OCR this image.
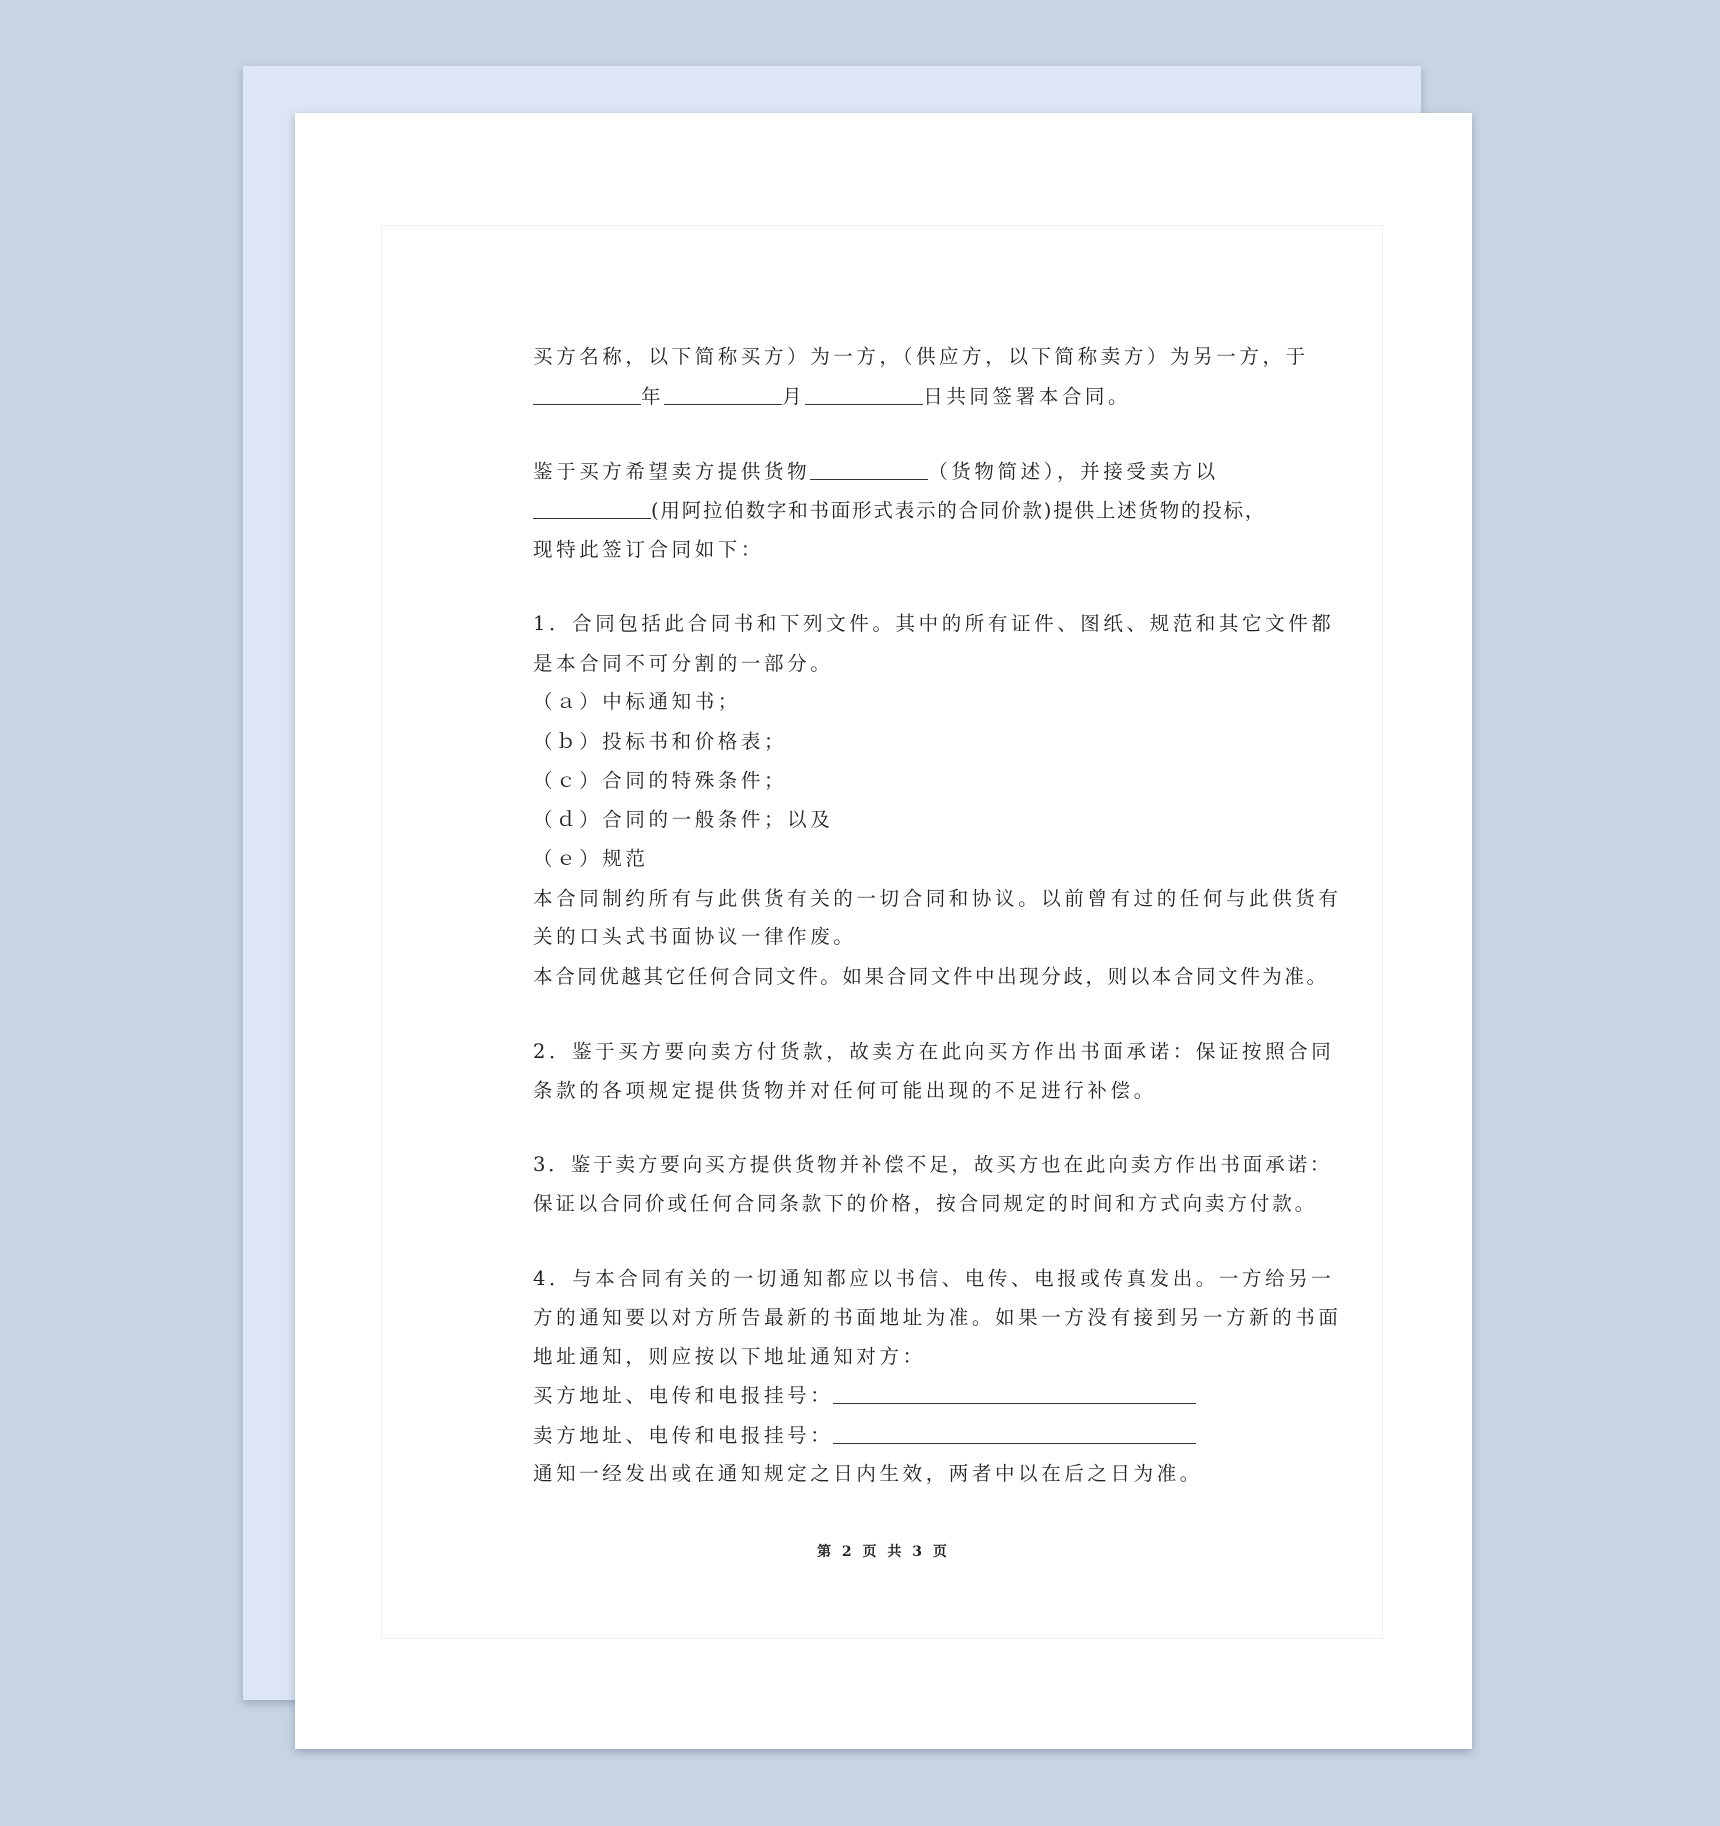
买方名称，以下简称买方）为一方，（供应方，以下简称卖方）为另一方，于
年	月	日共同签署本合同。
鉴于买方希望卖方提供货物	（货物简述），并接受卖方以
(用阿拉伯数字和书面形式表示的合同价款)提供上述货物的投标，
现特此签订合同如下：
1．合同包括此合同书和下列文件。其中的所有证件、图纸、规范和其它文件都
是本合同不可分割的一部分。
（ａ）中标通知书；
（ｂ）投标书和价格表；
（ｃ）合同的特殊条件；
（ｄ）合同的一般条件；以及
（ｅ）规范
本合同制约所有与此供货有关的一切合同和协议。以前曾有过的任何与此供货有
关的口头式书面协议一律作废。
本合同优越其它任何合同文件。如果合同文件中出现分歧，则以本合同文件为准。
2．鉴于买方要向卖方付货款，故卖方在此向买方作出书面承诺：保证按照合同
条款的各项规定提供货物并对任何可能出现的不足进行补偿。
3．鉴于卖方要向买方提供货物并补偿不足，故买方也在此向卖方作出书面承诺：
保证以合同价或任何合同条款下的价格，按合同规定的时间和方式向卖方付款。
4．与本合同有关的一切通知都应以书信、电传、电报或传真发出。一方给另一
方的通知要以对方所告最新的书面地址为准。如果一方没有接到另一方新的书面
地址通知，则应按以下地址通知对方：
买方地址、电传和电报挂号：
卖方地址、电传和电报挂号：
通知一经发出或在通知规定之日内生效，两者中以在后之日为准。
第 2 页 共 3 页
